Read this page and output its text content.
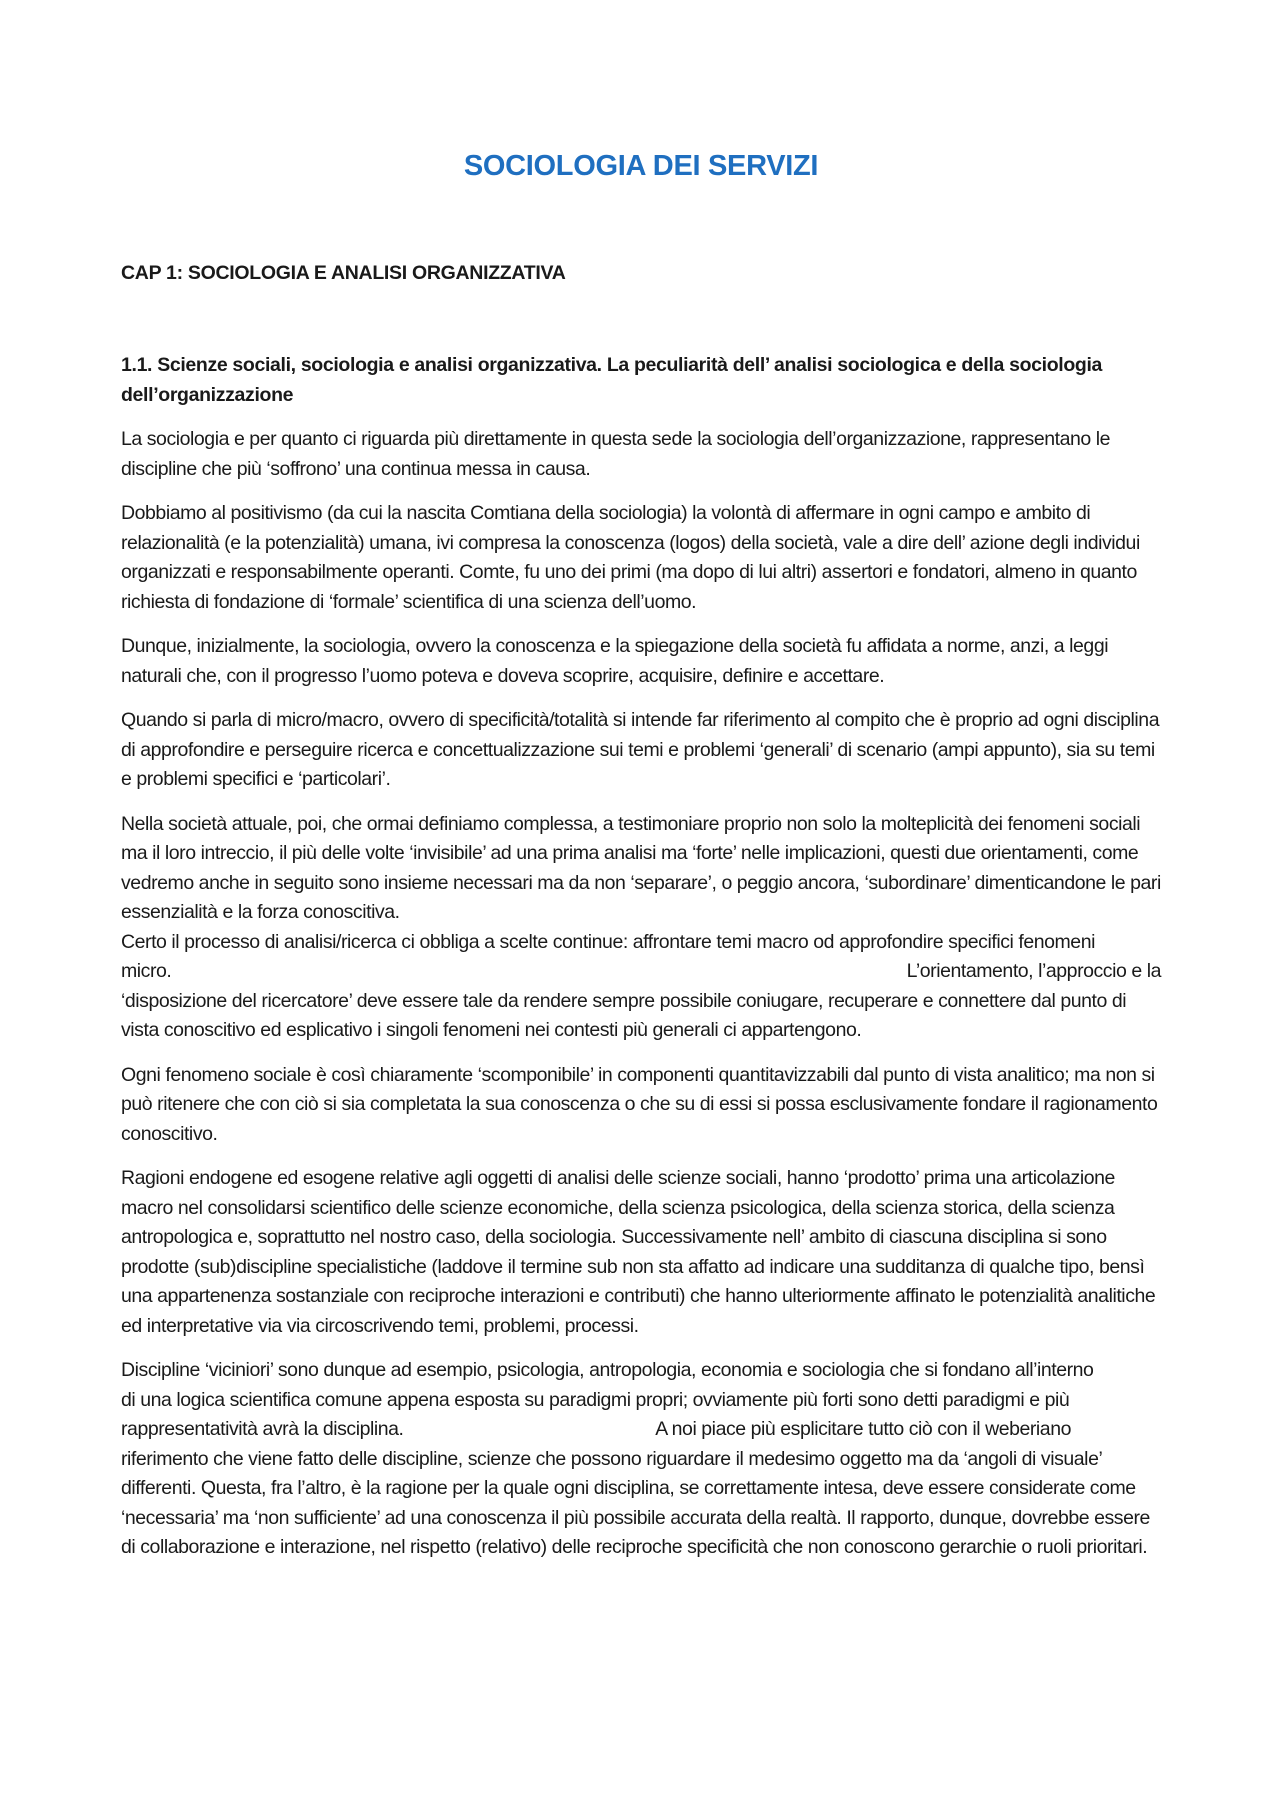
SOCIOLOGIA DEI SERVIZI
CAP 1: SOCIOLOGIA E ANALISI ORGANIZZATIVA
1.1. Scienze sociali, sociologia e analisi organizzativa. La peculiarità dell’ analisi sociologica e della sociologia dell’organizzazione

La sociologia e per quanto ci riguarda più direttamente in questa sede la sociologia dell’organizzazione, rappresentano le discipline che più ‘soffrono’ una continua messa in causa.

Dobbiamo al positivismo (da cui la nascita Comtiana della sociologia) la volontà di affermare in ogni campo e ambito di relazionalità (e la potenzialità) umana, ivi compresa la conoscenza (logos) della società, vale a dire dell’ azione degli individui organizzati e responsabilmente operanti. Comte, fu uno dei primi (ma dopo di lui altri) assertori e fondatori, almeno in quanto richiesta di fondazione di ‘formale’ scientifica di una scienza dell’uomo.

Dunque, inizialmente, la sociologia, ovvero la conoscenza e la spiegazione della società fu affidata a norme, anzi, a leggi naturali che, con il progresso l’uomo poteva e doveva scoprire, acquisire, definire e accettare.

Quando si parla di micro/macro, ovvero di specificità/totalità si intende far riferimento al compito che è proprio ad ogni disciplina di approfondire e perseguire ricerca e concettualizzazione sui temi e problemi ‘generali’ di scenario (ampi appunto), sia su temi e problemi specifici e ‘particolari’.

Nella società attuale, poi, che ormai definiamo complessa, a testimoniare proprio non solo la molteplicità dei fenomeni sociali ma il loro intreccio, il più delle volte ‘invisibile’ ad una prima analisi ma ‘forte’ nelle implicazioni, questi due orientamenti, come vedremo anche in seguito sono insieme necessari ma da non ‘separare’, o peggio ancora, ‘subordinare’ dimenticandone le pari essenzialità e la forza conoscitiva.

Certo il processo di analisi/ricerca ci obbliga a scelte continue: affrontare temi macro od approfondire specifici fenomeni
micro.	L’orientamento, l’approccio e la
‘disposizione del ricercatore’ deve essere tale da rendere sempre possibile coniugare, recuperare e connettere dal punto di vista conoscitivo ed esplicativo i singoli fenomeni nei contesti più generali ci appartengono.

Ogni fenomeno sociale è così chiaramente ‘scomponibile’ in componenti quantitavizzabili dal punto di vista analitico; ma non si può ritenere che con ciò si sia completata la sua conoscenza o che su di essi si possa esclusivamente fondare il ragionamento conoscitivo.

Ragioni endogene ed esogene relative agli oggetti di analisi delle scienze sociali, hanno ‘prodotto’ prima una articolazione macro nel consolidarsi scientifico delle scienze economiche, della scienza psicologica, della scienza storica, della scienza antropologica e, soprattutto nel nostro caso, della sociologia. Successivamente nell’ ambito di ciascuna disciplina si sono prodotte (sub)discipline specialistiche (laddove il termine sub non sta affatto ad indicare una sudditanza di qualche tipo, bensì una appartenenza sostanziale con reciproche interazioni e contributi) che hanno ulteriormente affinato le potenzialità analitiche ed interpretative via via circoscrivendo temi, problemi, processi.

Discipline ‘viciniori’ sono dunque ad esempio, psicologia, antropologia, economia e sociologia che si fondano all’interno
di una logica scientifica comune appena esposta su paradigmi propri; ovviamente più forti sono detti paradigmi e più
rappresentatività avrà la disciplina.	A noi piace più esplicitare tutto ciò con il weberiano
riferimento che viene fatto delle discipline, scienze che possono riguardare il medesimo oggetto ma da ‘angoli di visuale’ differenti. Questa, fra l’altro, è la ragione per la quale ogni disciplina, se correttamente intesa, deve essere considerate come ‘necessaria’ ma ‘non sufficiente’ ad una conoscenza il più possibile accurata della realtà. Il rapporto, dunque, dovrebbe essere di collaborazione e interazione, nel rispetto (relativo) delle reciproche specificità che non conoscono gerarchie o ruoli prioritari.
